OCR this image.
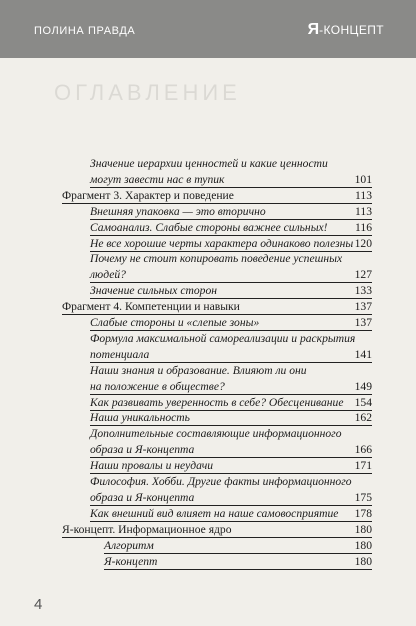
ПОЛИНА ПРАВДА	Я-КОНЦЕПТ
ОГЛАВЛЕНИЕ
Значение иерархии ценностей и какие ценности
могут завести нас в тупик	101
Фрагмент 3. Характер и поведение	113
Внешняя упаковка — это вторично	113
Самоанализ. Слабые стороны важнее сильных!	116
Не все хорошие черты характера одинаково полезны 120
Почему не стоит копировать поведение успешных
людей?	127
Значение сильных сторон	133
Фрагмент 4. Компетенции и навыки	137
Слабые стороны и «слепые зоны»	137
Формула максимальной самореализации и раскрытия
потенциала	141
Наши знания и образование. Влияют ли они
на положение в обществе?	149
Как развивать уверенность в себе? Обесценивание 154
Наша уникальность	162
Дополнительные составляющие информационного
образа и Я-концепта	166
Наши провалы и неудачи	171
Философия. Хобби. Другие факты информационного
образа и Я-концепта	175
Как внешний вид влияет на наше самовосприятие	178
Я-концепт. Информационное ядро	180
Алгоритм	180
Я-концепт	180
4
